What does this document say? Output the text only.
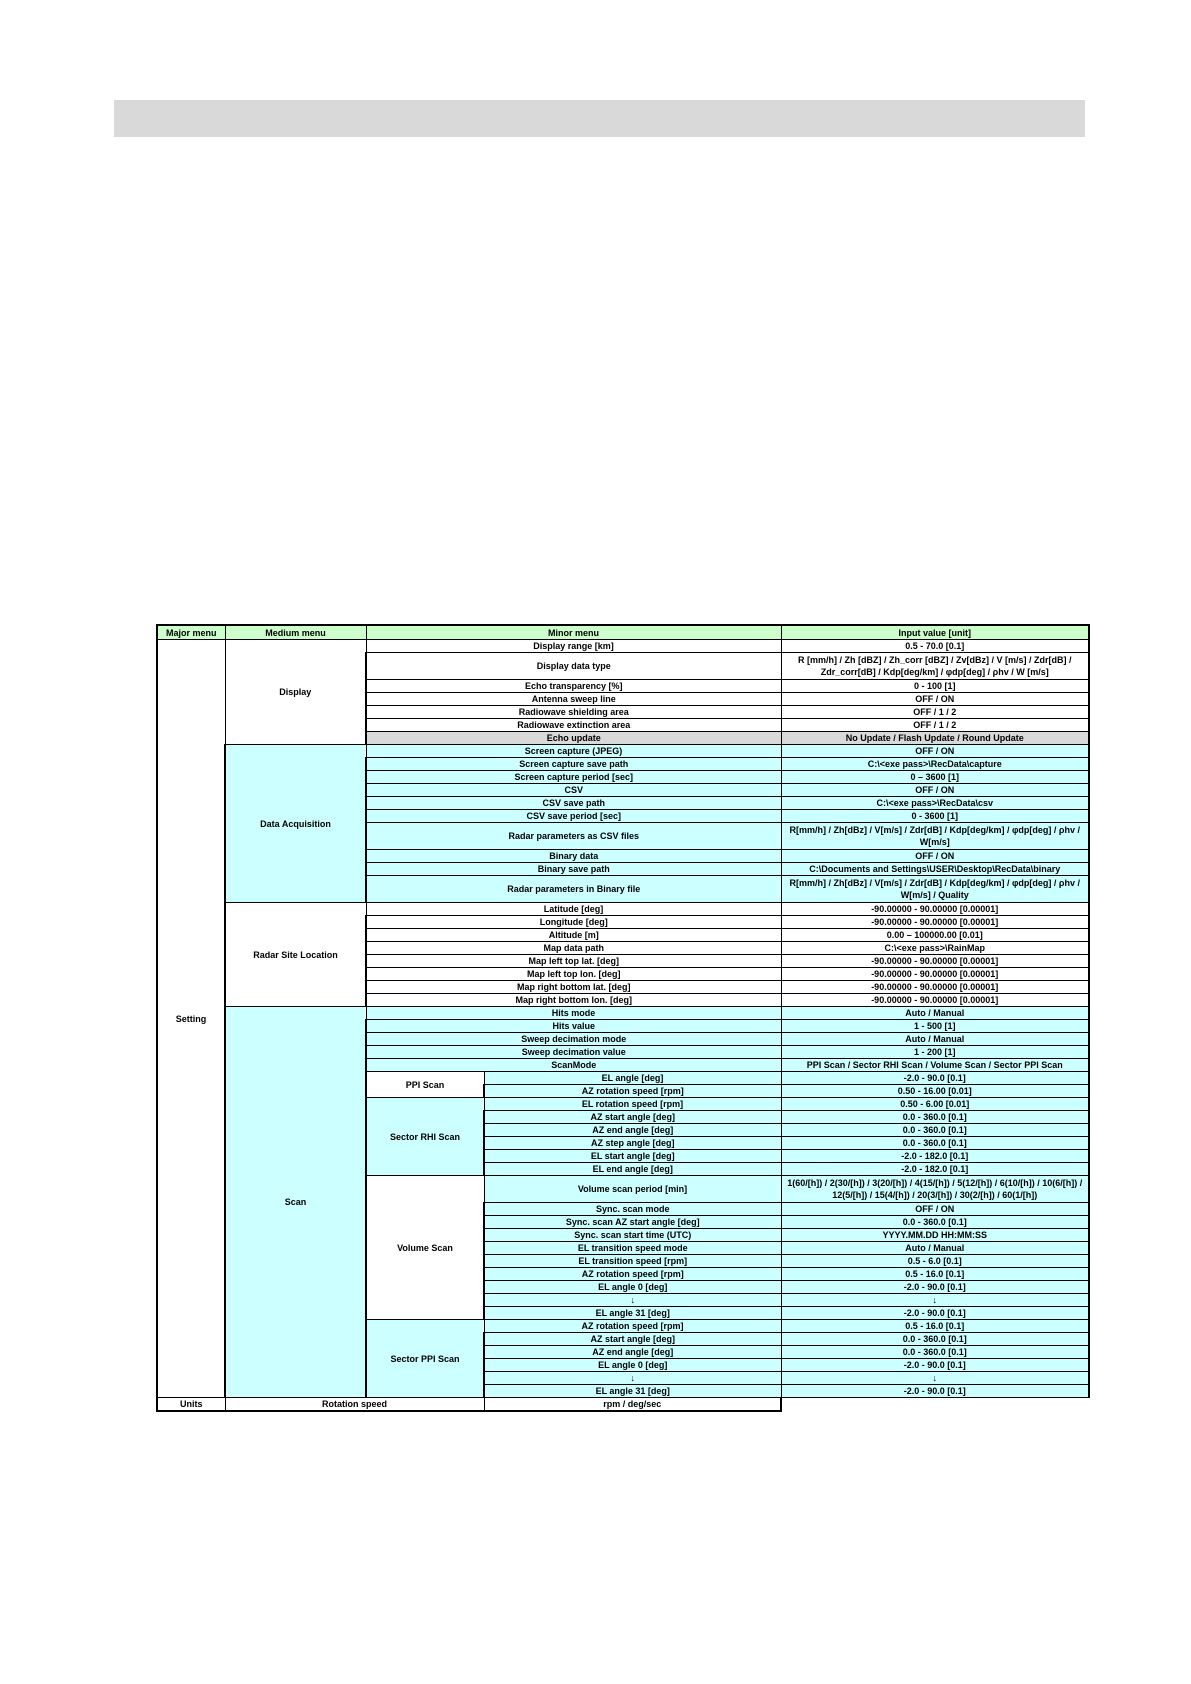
Major menu	Medium menu	Minor menu		Input value [unit]
Setting	Display	Display range [km]		0.5 - 70.0 [0.1]
		Display data type		R [mm/h] / Zh [dBZ] / Zh_corr [dBZ] / Zv[dBz] / V [m/s] / Zdr[dB] / Zdr_corr[dB] / Kdp[deg/km] / φdp[deg] / ρhv / W [m/s]
		Echo transparency [%]		0 - 100 [1]
		Antenna sweep line		OFF / ON
		Radiowave shielding area		OFF / 1 / 2
		Radiowave extinction area		OFF / 1 / 2
		Echo update		No Update / Flash Update / Round Update
	Data Acquisition	Screen capture (JPEG)		OFF / ON
		Screen capture save path		C:\<exe pass>\RecData\capture
		Screen capture period [sec]		0 – 3600 [1]
		CSV		OFF / ON
		CSV save path		C:\<exe pass>\RecData\csv
		CSV save period [sec]		0 - 3600 [1]
		Radar parameters as CSV files		R[mm/h] / Zh[dBz] / V[m/s] / Zdr[dB] / Kdp[deg/km] / φdp[deg] / ρhv / W[m/s]
		Binary data		OFF / ON
		Binary save path		C:\Documents and Settings\USER\Desktop\RecData\binary
		Radar parameters in Binary file		R[mm/h] / Zh[dBz] / V[m/s] / Zdr[dB] / Kdp[deg/km] / φdp[deg] / ρhv / W[m/s] / Quality
	Radar Site Location	Latitude [deg]		-90.00000 - 90.00000 [0.00001]
		Longitude [deg]		-90.00000 - 90.00000 [0.00001]
		Altitude [m]		0.00 – 100000.00 [0.01]
		Map data path		C:\<exe pass>\RainMap
		Map left top lat. [deg]		-90.00000 - 90.00000 [0.00001]
		Map left top lon. [deg]		-90.00000 - 90.00000 [0.00001]
		Map right bottom lat. [deg]		-90.00000 - 90.00000 [0.00001]
		Map right bottom lon. [deg]		-90.00000 - 90.00000 [0.00001]
	Scan	Hits mode		Auto / Manual
		Hits value		1 - 500 [1]
		Sweep decimation mode		Auto / Manual
		Sweep decimation value		1 - 200 [1]
		ScanMode		PPI Scan / Sector RHI Scan / Volume Scan / Sector PPI Scan
		PPI Scan	EL angle [deg]	-2.0 - 90.0 [0.1]
			AZ rotation speed [rpm]	0.50 - 16.00 [0.01]
		Sector RHI Scan	EL rotation speed [rpm]	0.50 - 6.00 [0.01]
			AZ start angle [deg]	0.0 - 360.0 [0.1]
			AZ end angle [deg]	0.0 - 360.0 [0.1]
			AZ step angle [deg]	0.0 - 360.0 [0.1]
			EL start angle [deg]	-2.0 - 182.0 [0.1]
			EL end angle [deg]	-2.0 - 182.0 [0.1]
		Volume Scan	Volume scan period [min]	1(60/[h]) / 2(30/[h]) / 3(20/[h]) / 4(15/[h]) / 5(12/[h]) / 6(10/[h]) / 10(6/[h]) / 12(5/[h]) / 15(4/[h]) / 20(3/[h]) / 30(2/[h]) / 60(1/[h])
			Sync. scan mode	OFF / ON
			Sync. scan AZ start angle [deg]	0.0 - 360.0 [0.1]
			Sync. scan start time (UTC)	YYYY.MM.DD HH:MM:SS
			EL transition speed mode	Auto / Manual
			EL transition speed [rpm]	0.5 - 6.0 [0.1]
			AZ rotation speed [rpm]	0.5 - 16.0 [0.1]
			EL angle 0 [deg]	-2.0 - 90.0 [0.1]
			↓	↓
			EL angle 31 [deg]	-2.0 - 90.0 [0.1]
		Sector PPI Scan	AZ rotation speed [rpm]	0.5 - 16.0 [0.1]
			AZ start angle [deg]	0.0 - 360.0 [0.1]
			AZ end angle [deg]	0.0 - 360.0 [0.1]
			EL angle 0 [deg]	-2.0 - 90.0 [0.1]
			↓	↓
			EL angle 31 [deg]	-2.0 - 90.0 [0.1]
Units	Rotation speed		rpm / deg/sec	
